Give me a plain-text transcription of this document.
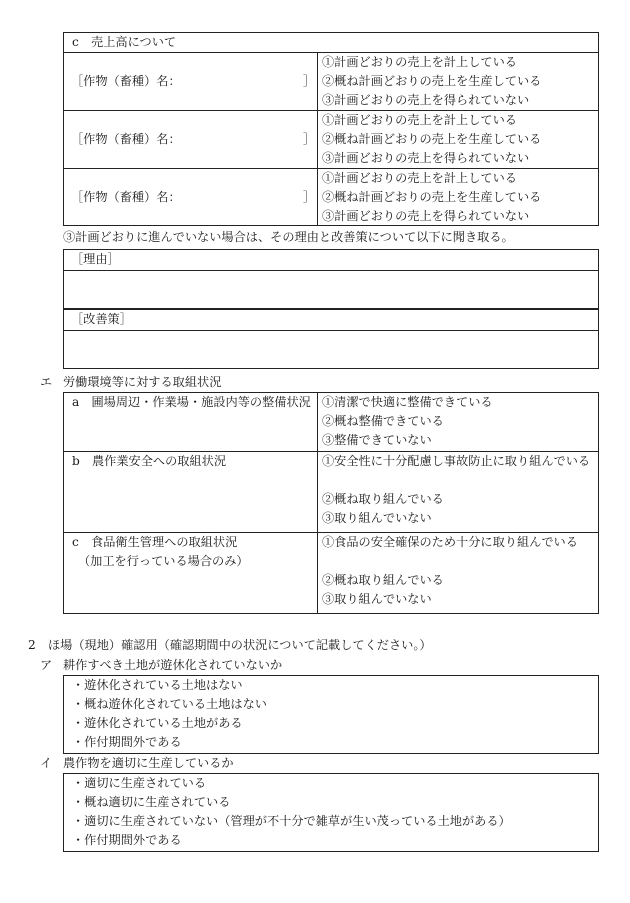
c　売上高について
［作物（畜種）名：	］
①計画どおりの売上を計上している
②概ね計画どおりの売上を生産している
③計画どおりの売上を得られていない
［作物（畜種）名：	］
①計画どおりの売上を計上している
②概ね計画どおりの売上を生産している
③計画どおりの売上を得られていない
［作物（畜種）名：	］
①計画どおりの売上を計上している
②概ね計画どおりの売上を生産している
③計画どおりの売上を得られていない
③計画どおりに進んでいない場合は、その理由と改善策について以下に聞き取る。
［理由］
［改善策］
エ 労働環境等に対する取組状況
a　圃場周辺・作業場・施設内等の整備状況 ①清潔で快適に整備できている
②概ね整備できている
③整備できていない
b　農作業安全への取組状況	①安全性に十分配慮し事故防止に取り組んでいる
②概ね取り組んでいる
③取り組んでいない
c　食品衛生管理への取組状況
（加工を行っている場合のみ）
①食品の安全確保のため十分に取り組んでいる
②概ね取り組んでいる
③取り組んでいない
2　ほ場（現地）確認用（確認期間中の状況について記載してください。）
ア 耕作すべき土地が遊休化されていないか
・遊休化されている土地はない
・概ね遊休化されている土地はない
・遊休化されている土地がある
・作付期間外である
イ 農作物を適切に生産しているか
・適切に生産されている
・概ね適切に生産されている
・適切に生産されていない（管理が不十分で雑草が生い茂っている土地がある）
・作付期間外である
